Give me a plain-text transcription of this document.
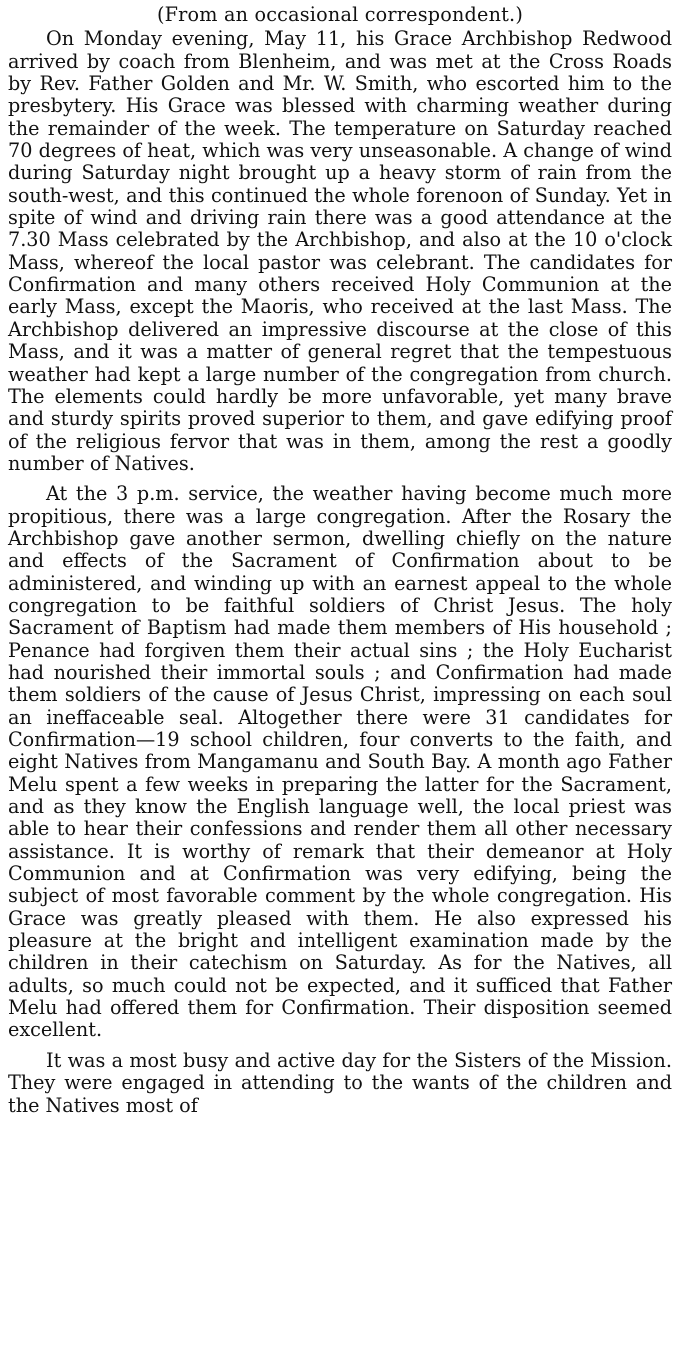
(From an occasional correspondent.)

On Monday evening, May 11, his Grace Archbishop Redwood arrived by coach from Blenheim, and was met at the Cross Roads by Rev. Father Golden and Mr. W. Smith, who escorted him to the presbytery. His Grace was blessed with charming weather during the remainder of the week. The temperature on Saturday reached 70 degrees of heat, which was very unseasonable. A change of wind during Saturday night brought up a heavy storm of rain from the south-west, and this continued the whole forenoon of Sunday. Yet in spite of wind and driving rain there was a good attendance at the 7.30 Mass celebrated by the Archbishop, and also at the 10 o'clock Mass, whereof the local pastor was celebrant. The candidates for Confirmation and many others received Holy Communion at the early Mass, except the Maoris, who received at the last Mass. The Archbishop delivered an impressive discourse at the close of this Mass, and it was a matter of general regret that the tempestuous weather had kept a large number of the congregation from church. The elements could hardly be more unfavorable, yet many brave and sturdy spirits proved superior to them, and gave edifying proof of the religious fervor that was in them, among the rest a goodly number of Natives.

At the 3 p.m. service, the weather having become much more propitious, there was a large congregation. After the Rosary the Archbishop gave another sermon, dwelling chiefly on the nature and effects of the Sacrament of Confirmation about to be administered, and winding up with an earnest appeal to the whole congregation to be faithful soldiers of Christ Jesus. The holy Sacrament of Baptism had made them members of His household ; Penance had forgiven them their actual sins ; the Holy Eucharist had nourished their immortal souls ; and Confirmation had made them soldiers of the cause of Jesus Christ, impressing on each soul an ineffaceable seal. Altogether there were 31 candidates for Confirmation—19 school children, four converts to the faith, and eight Natives from Mangamanu and South Bay. A month ago Father Melu spent a few weeks in preparing the latter for the Sacrament, and as they know the English language well, the local priest was able to hear their confessions and render them all other necessary assistance. It is worthy of remark that their demeanor at Holy Communion and at Confirmation was very edifying, being the subject of most favorable comment by the whole congregation. His Grace was greatly pleased with them. He also expressed his pleasure at the bright and intelligent examination made by the children in their catechism on Saturday. As for the Natives, all adults, so much could not be expected, and it sufficed that Father Melu had offered them for Confirmation. Their disposition seemed excellent.

It was a most busy and active day for the Sisters of the Mission. They were engaged in attending to the wants of the children and the Natives most of
